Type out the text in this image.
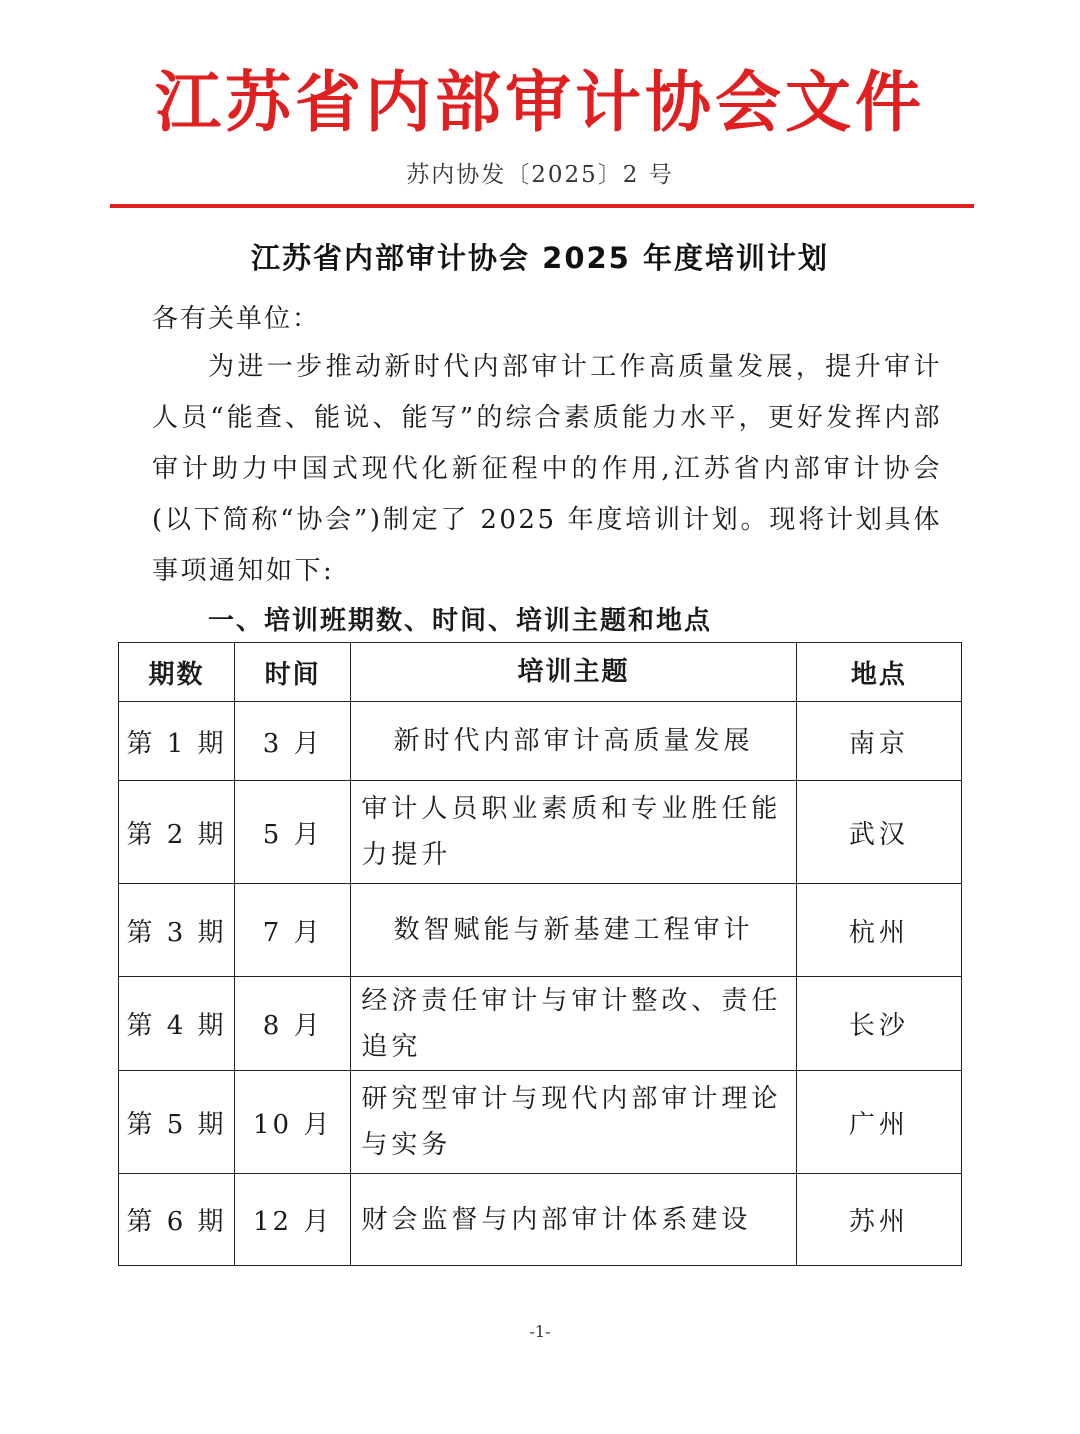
江苏省内部审计协会文件
苏内协发〔2025〕2 号
江苏省内部审计协会 2025 年度培训计划
各有关单位：
为进一步推动新时代内部审计工作高质量发展，提升审计人员“能查、能说、能写”的综合素质能力水平，更好发挥内部审计助力中国式现代化新征程中的作用,江苏省内部审计协会(以下简称“协会”)制定了 2025 年度培训计划。现将计划具体事项通知如下:
一、培训班期数、时间、培训主题和地点
期数	时间	培训主题	地点
第 1 期	3 月	新时代内部审计高质量发展	南京
第 2 期	5 月	审计人员职业素质和专业胜任能力提升	武汉
第 3 期	7 月	数智赋能与新基建工程审计	杭州
第 4 期	8 月	经济责任审计与审计整改、责任追究	长沙
第 5 期	10 月	研究型审计与现代内部审计理论与实务	广州
第 6 期	12 月	财会监督与内部审计体系建设	苏州
-1-
